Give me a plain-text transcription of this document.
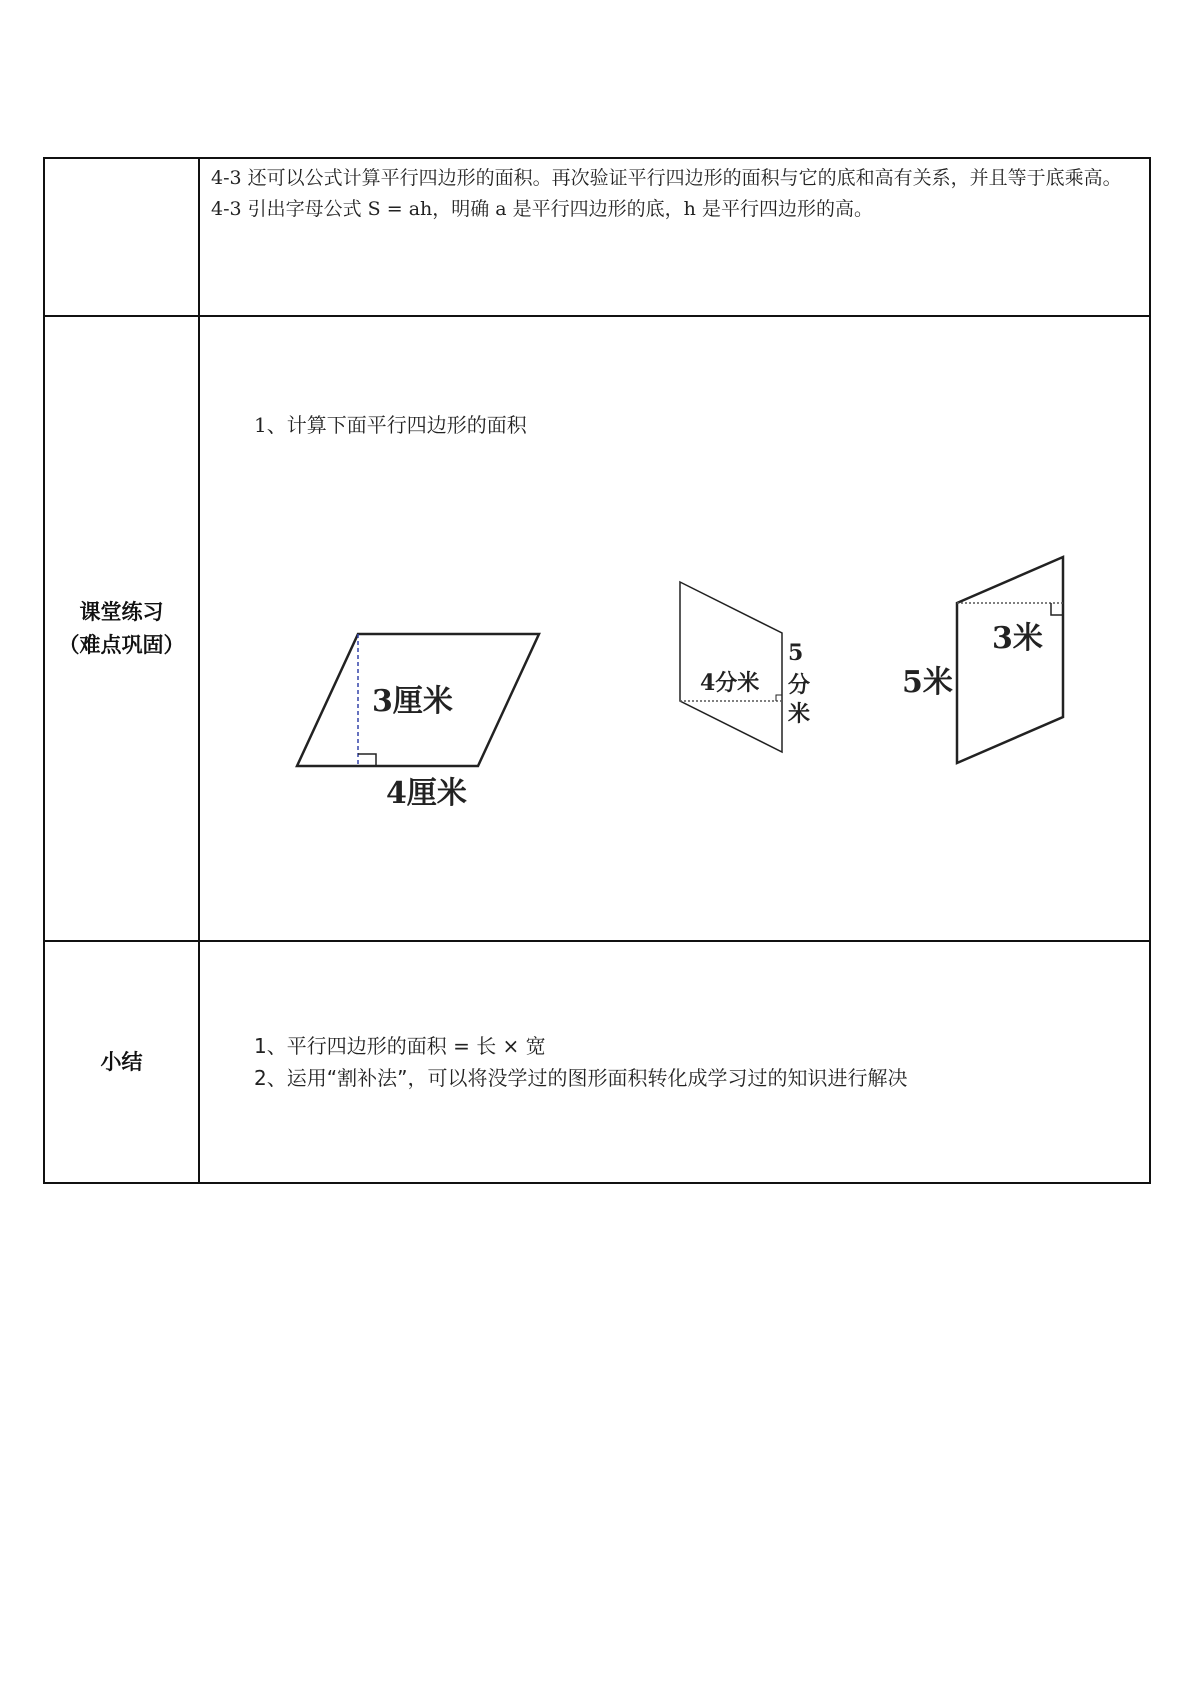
4-3 还可以公式计算平行四边形的面积。再次验证平行四边形的面积与它的底和高有关系，并且等于底乘高。

4-3 引出字母公式 S = ah，明确 a 是平行四边形的底，h 是平行四边形的高。

课堂练习
（难点巩固）
1、计算下面平行四边形的面积
3厘米
4厘米
4分米
5
分
米
5米
3米
小结

1、平行四边形的面积 = 长 × 宽

2、运用“割补法”，可以将没学过的图形面积转化成学习过的知识进行解决
